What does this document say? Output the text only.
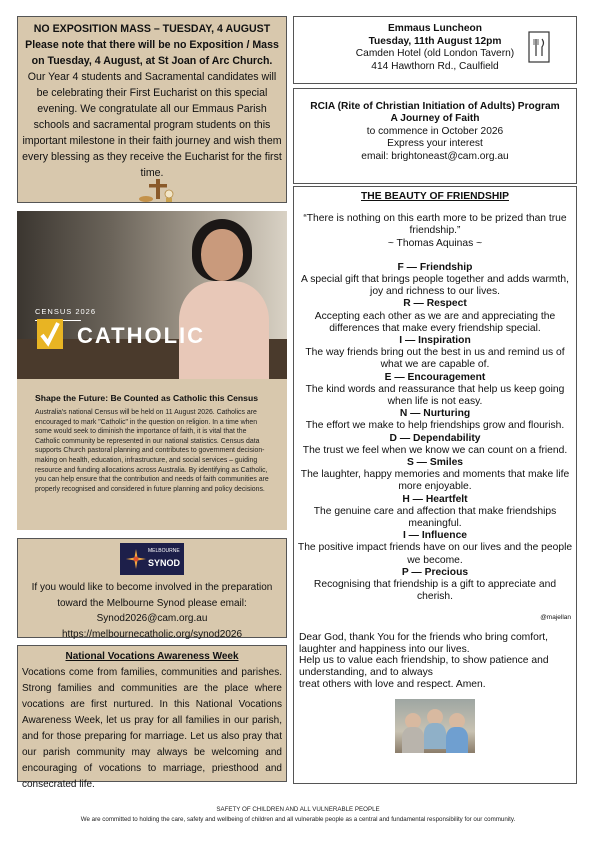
NO EXPOSITION MASS – TUESDAY, 4 AUGUST
Please note that there will be no Exposition / Mass on Tuesday, 4 August, at St Joan of Arc Church.
Our Year 4 students and Sacramental candidates will be celebrating their First Eucharist on this special evening. We congratulate all our Emmaus Parish schools and sacramental program students on this important milestone in their faith journey and wish them every blessing as they receive the Eucharist for the first time.
CENSUS 2026
CATHOLIC
Shape the Future: Be Counted as Catholic this Census
Australia's national Census will be held on 11 August 2026. Catholics are encouraged to mark "Catholic" in the question on religion. In a time when some would seek to diminish the importance of faith, it is vital that the Catholic community be represented in our national statistics. Census data supports Church pastoral planning and contributes to government decision-making on health, education, infrastructure, and social services – guiding resource and funding allocations across Australia. By identifying as Catholic, you can help ensure that the contribution and needs of faith communities are properly recognised and considered in future planning and policy decisions.
MELBOURNE
SYNOD
If you would like to become involved in the preparation toward the Melbourne Synod please email:
Synod2026@cam.org.au
https://melbournecatholic.org/synod2026
National Vocations Awareness Week

Vocations come from families, communities and parishes. Strong families and communities are the place where vocations are first nurtured. In this National Vocations Awareness Week, let us pray for all families in our parish, and for those preparing for marriage. Let us also pray that our parish community may always be welcoming and encouraging of vocations to marriage, priesthood and consecrated life.

Emmaus Luncheon
Tuesday, 11th August 12pm
Camden Hotel (old London Tavern)
414 Hawthorn Rd., Caulfield
RCIA (Rite of Christian Initiation of Adults) Program
A Journey of Faith
to commence in October 2026
Express your interest
email: brightoneast@cam.org.au
THE BEAUTY OF FRIENDSHIP
“There is nothing on this earth more to be prized than true friendship.”
~ Thomas Aquinas ~
F — Friendship
A special gift that brings people together and adds warmth, joy and richness to our lives.
R — Respect
Accepting each other as we are and appreciating the differences that make every friendship special.
I — Inspiration
The way friends bring out the best in us and remind us of what we are capable of.
E — Encouragement
The kind words and reassurance that help us keep going when life is not easy.
N — Nurturing
The effort we make to help friendships grow and flourish.
D — Dependability
The trust we feel when we know we can count on a friend.
S — Smiles
The laughter, happy memories and moments that make life more enjoyable.
H — Heartfelt
The genuine care and affection that make friendships meaningful.
I — Influence
The positive impact friends have on our lives and the people we become.
P — Precious
Recognising that friendship is a gift to appreciate and cherish.
@majellan
Dear God, thank You for the friends who bring comfort, laughter and happiness into our lives.
Help us to value each friendship, to show patience and understanding, and to always
treat others with love and respect. Amen.
SAFETY OF CHILDREN AND ALL VULNERABLE PEOPLE
We are committed to holding the care, safety and wellbeing of children and all vulnerable people as a central and fundamental responsibility for our community.
